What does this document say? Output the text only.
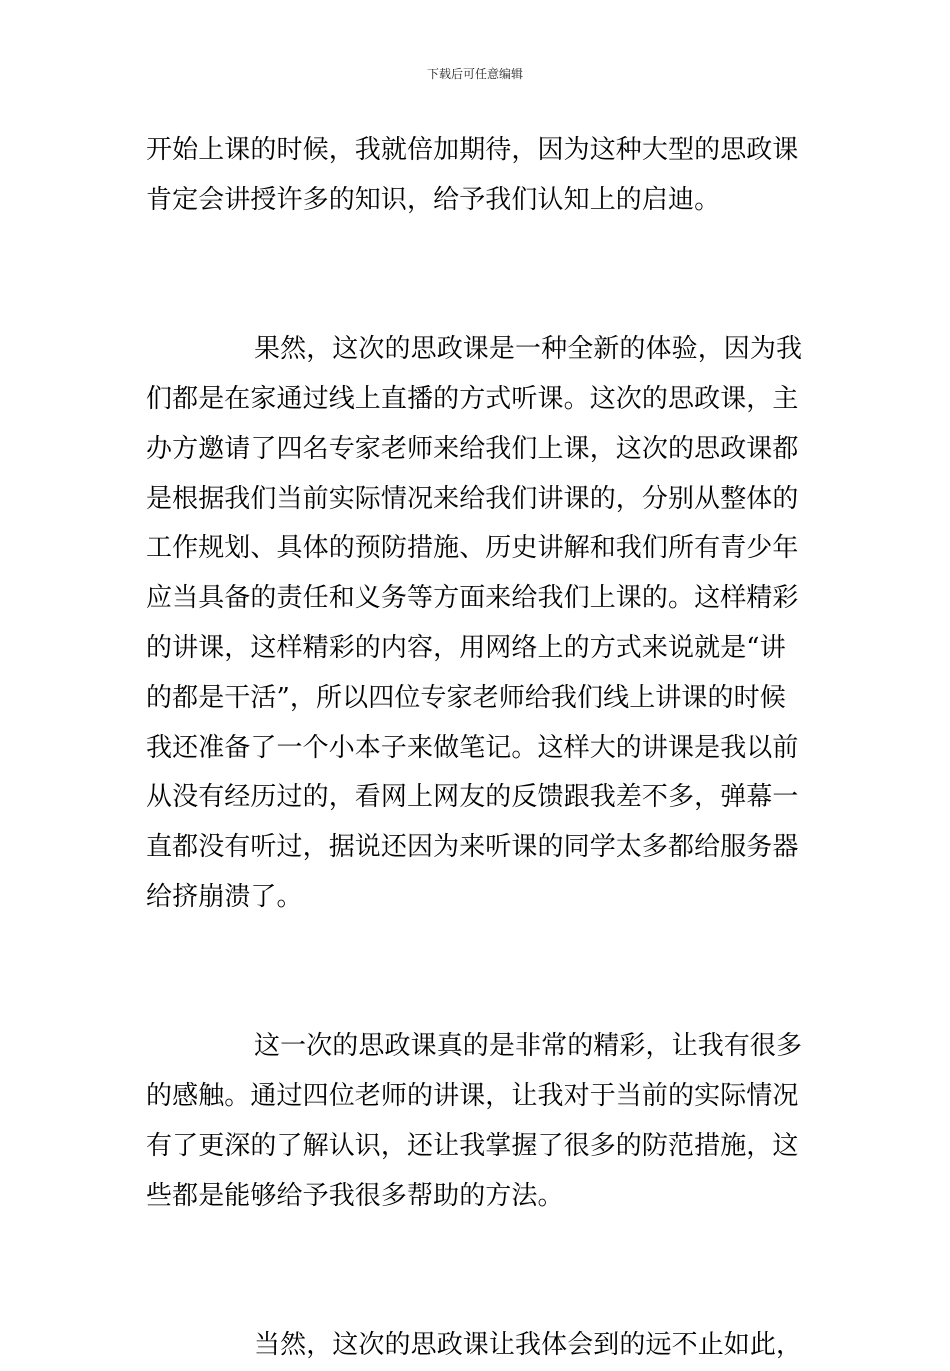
下载后可任意编辑

开始上课的时候，我就倍加期待，因为这种大型的思政课
肯定会讲授许多的知识，给予我们认知上的启迪。

果然，这次的思政课是一种全新的体验，因为我
们都是在家通过线上直播的方式听课。这次的思政课，主
办方邀请了四名专家老师来给我们上课，这次的思政课都
是根据我们当前实际情况来给我们讲课的，分别从整体的
工作规划、具体的预防措施、历史讲解和我们所有青少年
应当具备的责任和义务等方面来给我们上课的。这样精彩
的讲课，这样精彩的内容，用网络上的方式来说就是“讲
的都是干活”，所以四位专家老师给我们线上讲课的时候
我还准备了一个小本子来做笔记。这样大的讲课是我以前
从没有经历过的，看网上网友的反馈跟我差不多，弹幕一
直都没有听过，据说还因为来听课的同学太多都给服务器
给挤崩溃了。

这一次的思政课真的是非常的精彩，让我有很多
的感触。通过四位老师的讲课，让我对于当前的实际情况
有了更深的了解认识，还让我掌握了很多的防范措施，这
些都是能够给予我很多帮助的方法。

当然，这次的思政课让我体会到的远不止如此，
